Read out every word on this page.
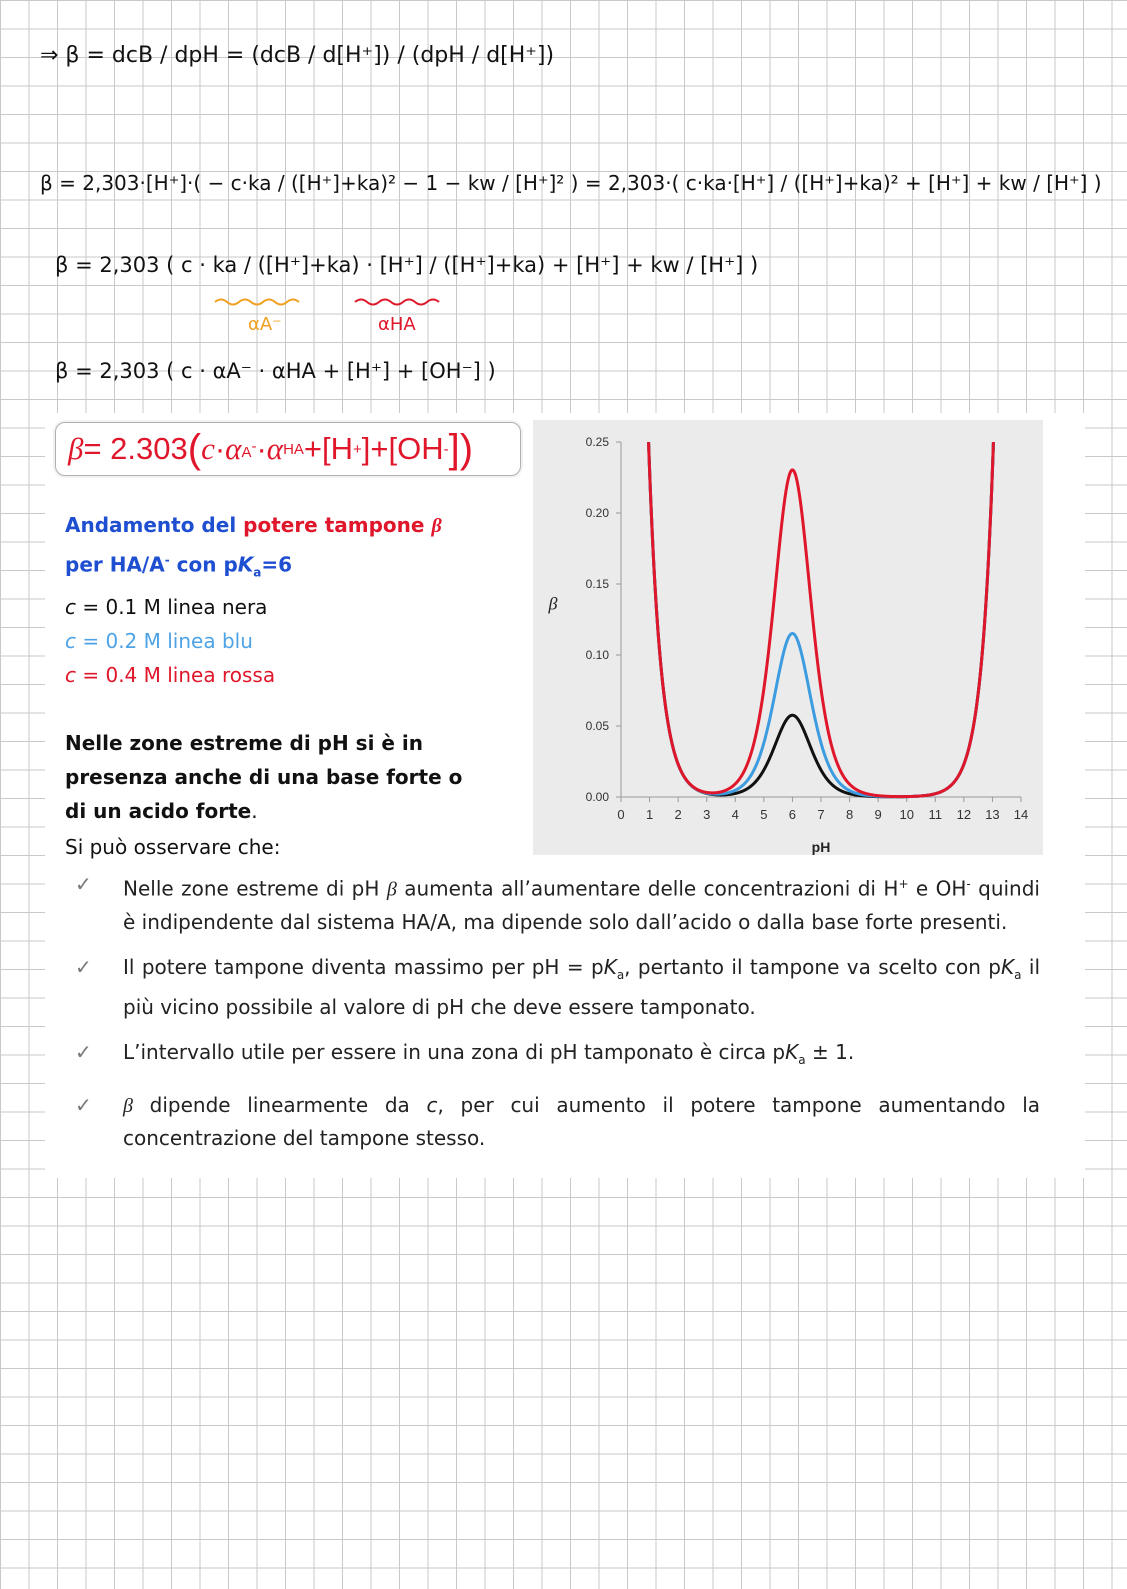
⇒ β = dcB / dpH = (dcB / d[H⁺]) / (dpH / d[H⁺])
β = 2,303·[H⁺]·( − c·ka / ([H⁺]+ka)² − 1 − kw / [H⁺]² ) = 2,303·( c·ka·[H⁺] / ([H⁺]+ka)² + [H⁺] + kw / [H⁺] )
β = 2,303 ( c · ka / ([H⁺]+ka) · [H⁺] / ([H⁺]+ka) + [H⁺] + kw / [H⁺] )
β = 2,303 ( c · αA⁻ · αHA + [H⁺] + [OH⁻] )
αA⁻	αHA
β = 2.303 ( c · α A- · α HA +[H + ]+[OH - ])
Andamento del potere tampone β
per HA/A- con $pK_a=6$
c = 0.1 M linea nera
c = 0.2 M linea blu
c = 0.4 M linea rossa
Nelle zone estreme di pH si è in presenza anche di una base forte o di un acido forte.
Si può osservare che:
0.00
0.05
0.10
0.15
0.20
0.25
0 1 2 3 4 5 6 7 8 9 10 11 12 13 14
pH
β
✓	Nelle zone estreme di pH β aumenta all’aumentare delle concentrazioni di H+ e OH- quindi è indipendente dal sistema HA/A, ma dipende solo dall’acido o dalla base forte presenti.
✓	Il potere tampone diventa massimo per pH = $pK_a$, pertanto il tampone va scelto con $pK_a$ il più vicino possibile al valore di pH che deve essere tamponato.
✓	L’intervallo utile per essere in una zona di pH tamponato è circa $pK_a \pm 1$.
✓	β dipende linearmente da c, per cui aumento il potere tampone aumentando la concentrazione del tampone stesso.
